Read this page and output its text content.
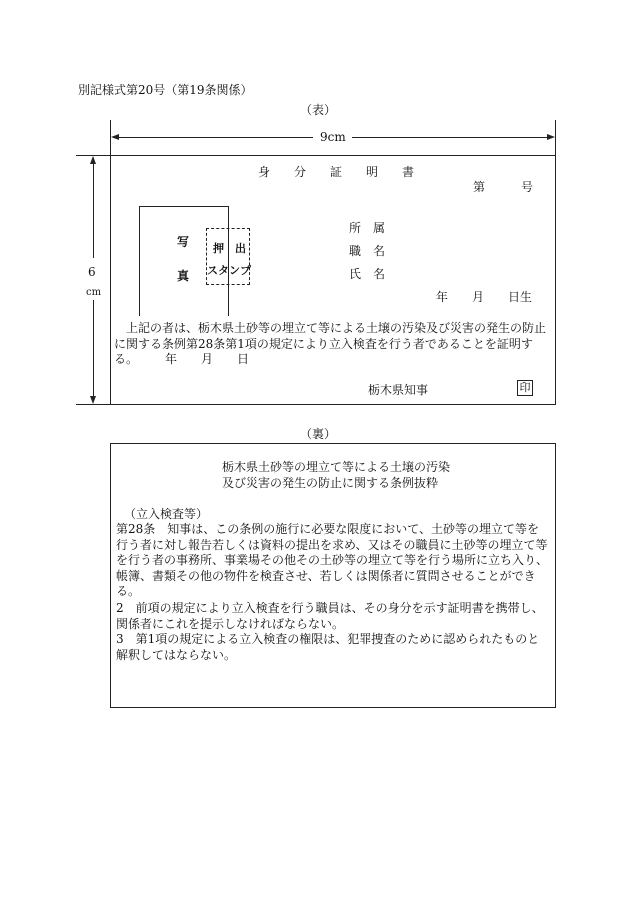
別記様式第20号（第19条関係）
（表）
9cm
6
cm
身　　分　　証　　明　　書
第　　　号
写
真
押　出
スタンプ
所　属
職　名
氏　名
年　　月　　日生
　上記の者は、栃木県土砂等の埋立て等による土壌の汚染及び災害の発生の防止に関する条例第28条第1項の規定により立入検査を行う者であることを証明する。	年　　月　　日
栃木県知事	印
（裏）
栃木県土砂等の埋立て等による土壌の汚染
及び災害の発生の防止に関する条例抜粋
（立入検査等）
第28条　知事は、この条例の施行に必要な限度において、土砂等の埋立て等を行う者に対し報告若しくは資料の提出を求め、又はその職員に土砂等の埋立て等を行う者の事務所、事業場その他その土砂等の埋立て等を行う場所に立ち入り、帳簿、書類その他の物件を検査させ、若しくは関係者に質問させることができる。
2　前項の規定により立入検査を行う職員は、その身分を示す証明書を携帯し、関係者にこれを提示しなければならない。
3　第1項の規定による立入検査の権限は、犯罪捜査のために認められたものと解釈してはならない。
